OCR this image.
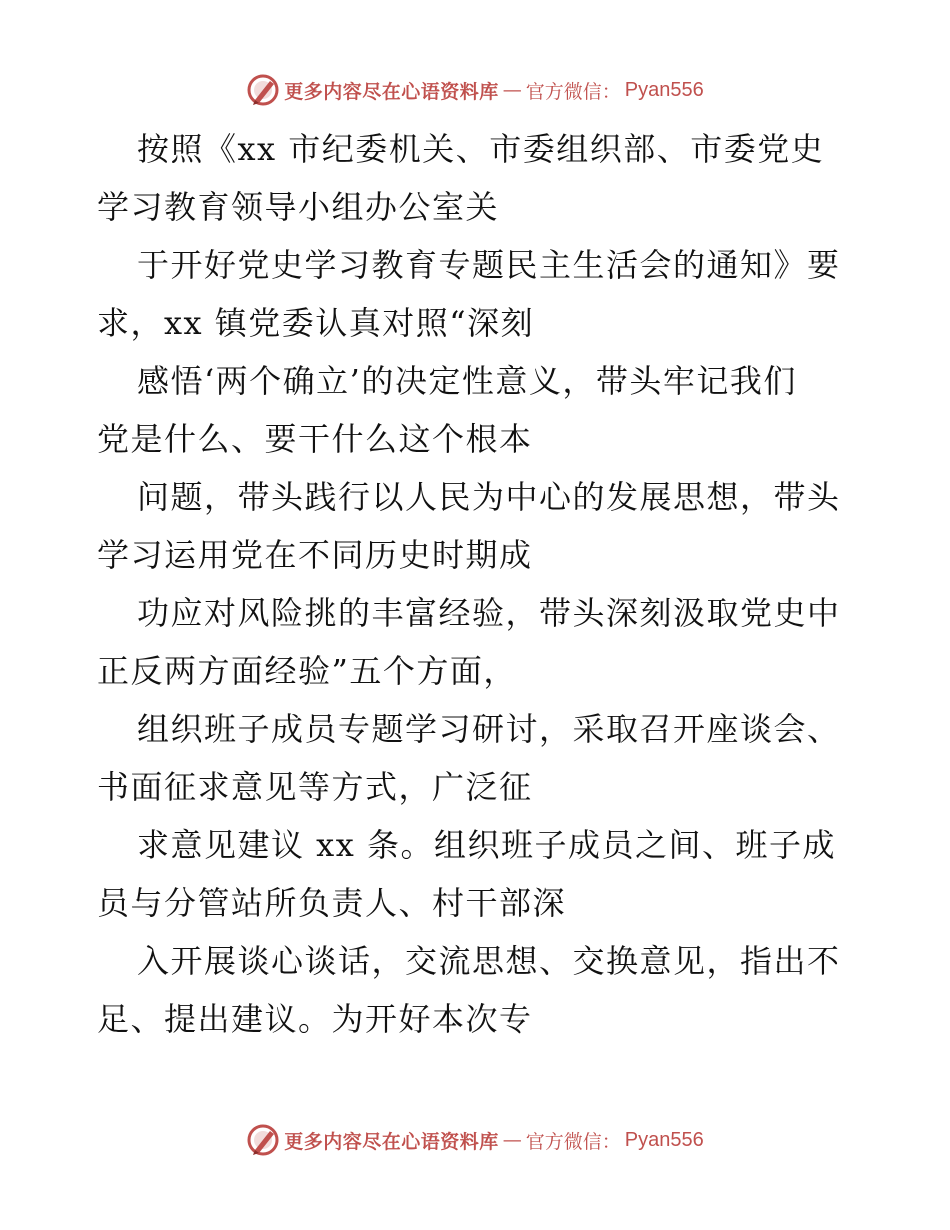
更多内容尽在心语资料库 — 官方微信： Pyan556
按照《xx 市纪委机关、市委组织部、市委党史
学习教育领导小组办公室关
于开好党史学习教育专题民主生活会的通知》要
求，xx 镇党委认真对照“深刻
感悟‘两个确立’的决定性意义，带头牢记我们
党是什么、要干什么这个根本
问题，带头践行以人民为中心的发展思想，带头
学习运用党在不同历史时期成
功应对风险挑的丰富经验，带头深刻汲取党史中
正反两方面经验”五个方面，
组织班子成员专题学习研讨，采取召开座谈会、
书面征求意见等方式，广泛征
求意见建议 xx 条。组织班子成员之间、班子成
员与分管站所负责人、村干部深
入开展谈心谈话，交流思想、交换意见，指出不
足、提出建议。为开好本次专
更多内容尽在心语资料库 — 官方微信： Pyan556
